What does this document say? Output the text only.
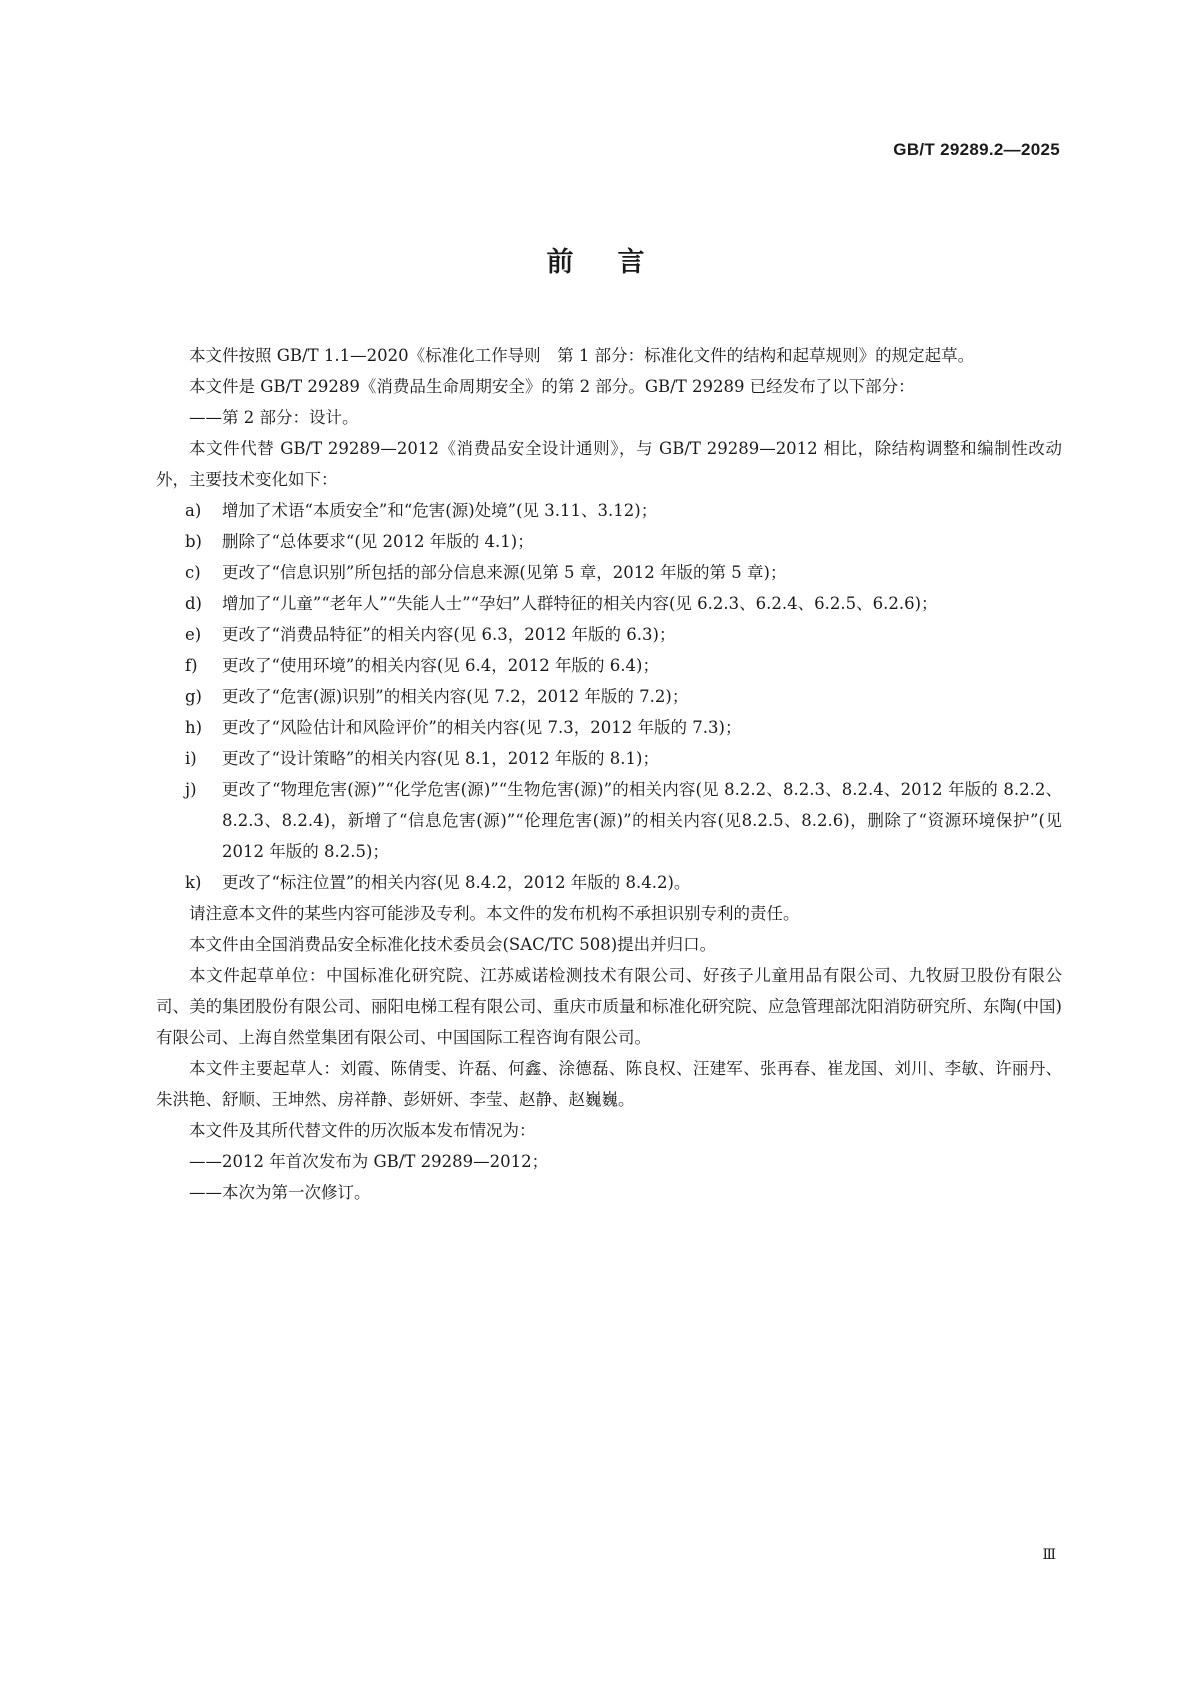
GB/T 29289.2—2025
前言

本文件按照 GB/T 1.1—2020《标准化工作导则　第 1 部分：标准化文件的结构和起草规则》的规定起草。

本文件是 GB/T 29289《消费品生命周期安全》的第 2 部分。GB/T 29289 已经发布了以下部分：

——第 2 部分：设计。

本文件代替 GB/T 29289—2012《消费品安全设计通则》，与 GB/T 29289—2012 相比，除结构调整和编制性改动外，主要技术变化如下：

a) 增加了术语“本质安全”和“危害(源)处境”(见 3.11、3.12)；

b) 删除了“总体要求“(见 2012 年版的 4.1)；

c) 更改了“信息识别”所包括的部分信息来源(见第 5 章，2012 年版的第 5 章)；

d) 增加了“儿童”“老年人”“失能人士”“孕妇”人群特征的相关内容(见 6.2.3、6.2.4、6.2.5、6.2.6)；

e) 更改了“消费品特征”的相关内容(见 6.3，2012 年版的 6.3)；

f) 更改了“使用环境”的相关内容(见 6.4，2012 年版的 6.4)；

g) 更改了“危害(源)识别”的相关内容(见 7.2，2012 年版的 7.2)；

h) 更改了“风险估计和风险评价”的相关内容(见 7.3，2012 年版的 7.3)；

i) 更改了“设计策略”的相关内容(见 8.1，2012 年版的 8.1)；

j) 更改了“物理危害(源)”“化学危害(源)”“生物危害(源)”的相关内容(见 8.2.2、8.2.3、8.2.4、2012 年版的 8.2.2、8.2.3、8.2.4)，新增了“信息危害(源)”“伦理危害(源)”的相关内容(见8.2.5、8.2.6)，删除了“资源环境保护”(见 2012 年版的 8.2.5)；

k) 更改了“标注位置”的相关内容(见 8.4.2，2012 年版的 8.4.2)。

请注意本文件的某些内容可能涉及专利。本文件的发布机构不承担识别专利的责任。

本文件由全国消费品安全标准化技术委员会(SAC/TC 508)提出并归口。

本文件起草单位：中国标准化研究院、江苏威诺检测技术有限公司、好孩子儿童用品有限公司、九牧厨卫股份有限公司、美的集团股份有限公司、丽阳电梯工程有限公司、重庆市质量和标准化研究院、应急管理部沈阳消防研究所、东陶(中国)有限公司、上海自然堂集团有限公司、中国国际工程咨询有限公司。

本文件主要起草人：刘霞、陈倩雯、许磊、何鑫、涂德磊、陈良权、汪建军、张再春、崔龙国、刘川、李敏、许丽丹、朱洪艳、舒顺、王坤然、房祥静、彭妍妍、李莹、赵静、赵巍巍。

本文件及其所代替文件的历次版本发布情况为：

——2012 年首次发布为 GB/T 29289—2012；

——本次为第一次修订。

Ⅲ
